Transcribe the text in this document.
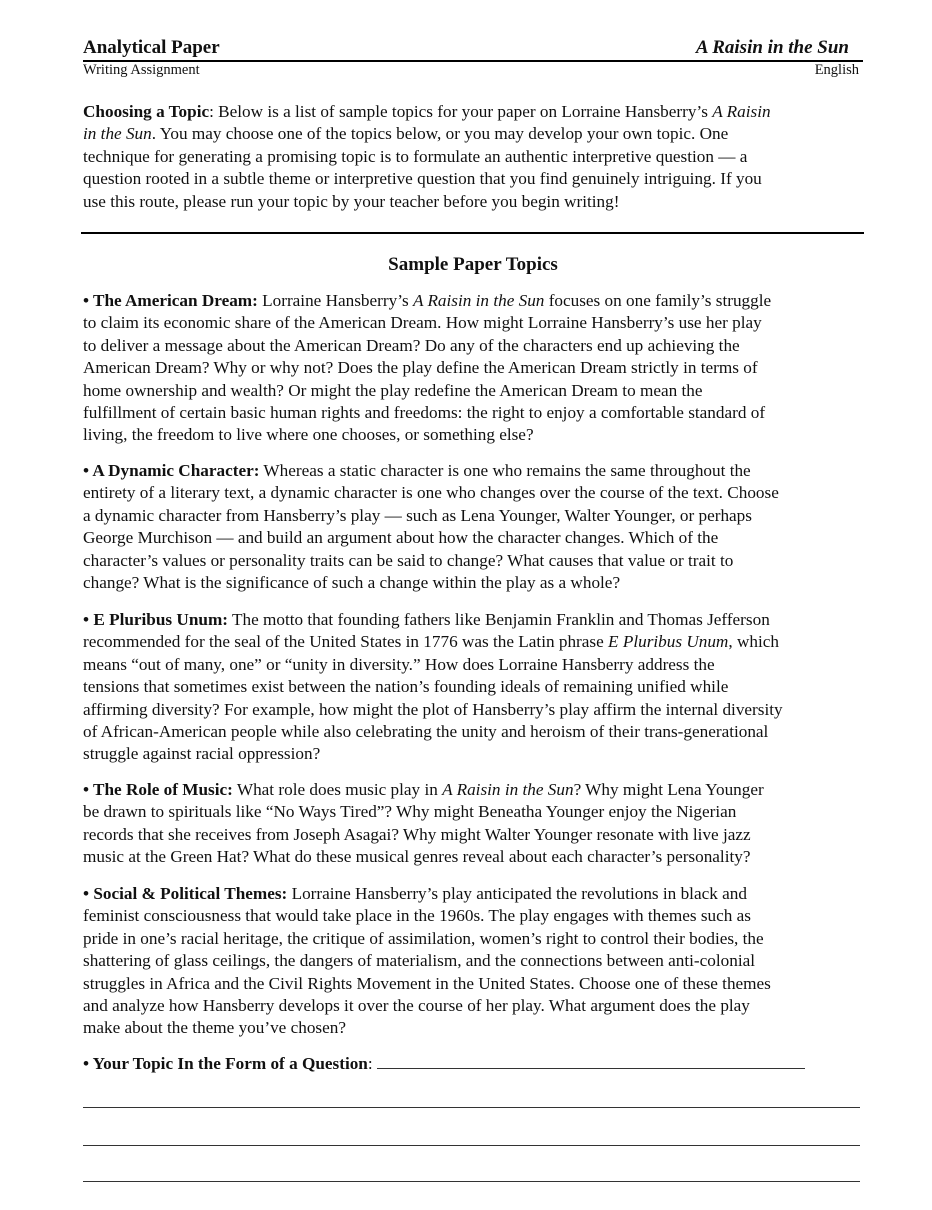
Analytical Paper	A Raisin in the Sun
Writing Assignment	English
Choosing a Topic: Below is a list of sample topics for your paper on Lorraine Hansberry’s A Raisin
in the Sun. You may choose one of the topics below, or you may develop your own topic. One
technique for generating a promising topic is to formulate an authentic interpretive question — a
question rooted in a subtle theme or interpretive question that you find genuinely intriguing. If you
use this route, please run your topic by your teacher before you begin writing!
Sample Paper Topics
• The American Dream: Lorraine Hansberry’s A Raisin in the Sun focuses on one family’s struggle
to claim its economic share of the American Dream. How might Lorraine Hansberry’s use her play
to deliver a message about the American Dream? Do any of the characters end up achieving the
American Dream? Why or why not? Does the play define the American Dream strictly in terms of
home ownership and wealth? Or might the play redefine the American Dream to mean the
fulfillment of certain basic human rights and freedoms: the right to enjoy a comfortable standard of
living, the freedom to live where one chooses, or something else?
• A Dynamic Character: Whereas a static character is one who remains the same throughout the
entirety of a literary text, a dynamic character is one who changes over the course of the text. Choose
a dynamic character from Hansberry’s play — such as Lena Younger, Walter Younger, or perhaps
George Murchison — and build an argument about how the character changes. Which of the
character’s values or personality traits can be said to change? What causes that value or trait to
change? What is the significance of such a change within the play as a whole?
• E Pluribus Unum: The motto that founding fathers like Benjamin Franklin and Thomas Jefferson
recommended for the seal of the United States in 1776 was the Latin phrase E Pluribus Unum, which
means “out of many, one” or “unity in diversity.” How does Lorraine Hansberry address the
tensions that sometimes exist between the nation’s founding ideals of remaining unified while
affirming diversity? For example, how might the plot of Hansberry’s play affirm the internal diversity
of African-American people while also celebrating the unity and heroism of their trans-generational
struggle against racial oppression?
• The Role of Music: What role does music play in A Raisin in the Sun? Why might Lena Younger
be drawn to spirituals like “No Ways Tired”? Why might Beneatha Younger enjoy the Nigerian
records that she receives from Joseph Asagai? Why might Walter Younger resonate with live jazz
music at the Green Hat? What do these musical genres reveal about each character’s personality?
• Social & Political Themes: Lorraine Hansberry’s play anticipated the revolutions in black and
feminist consciousness that would take place in the 1960s. The play engages with themes such as
pride in one’s racial heritage, the critique of assimilation, women’s right to control their bodies, the
shattering of glass ceilings, the dangers of materialism, and the connections between anti-colonial
struggles in Africa and the Civil Rights Movement in the United States. Choose one of these themes
and analyze how Hansberry develops it over the course of her play. What argument does the play
make about the theme you’ve chosen?
• Your Topic In the Form of a Question:
